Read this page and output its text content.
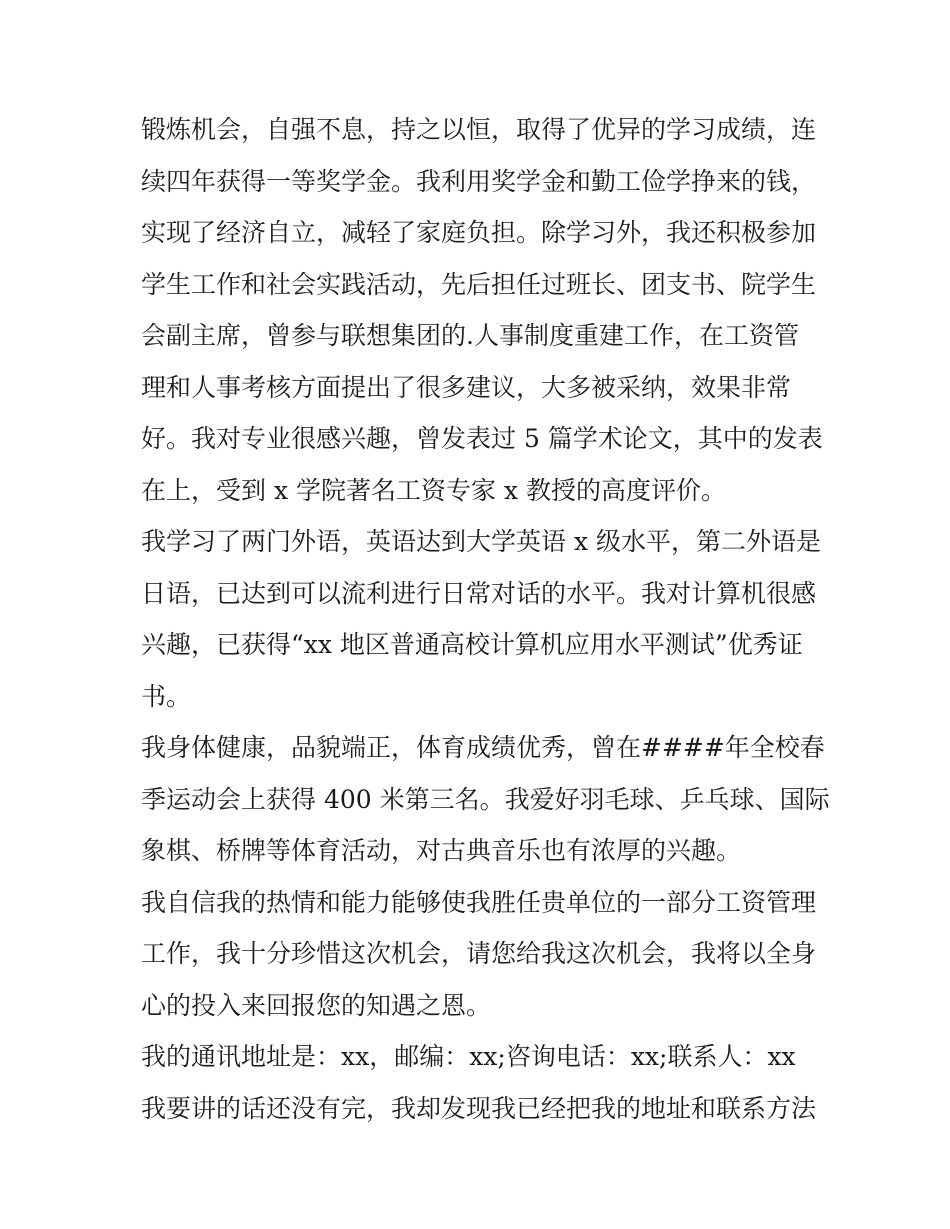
锻炼机会，自强不息，持之以恒，取得了优异的学习成绩，连
续四年获得一等奖学金。我利用奖学金和勤工俭学挣来的钱，
实现了经济自立，减轻了家庭负担。除学习外，我还积极参加
学生工作和社会实践活动，先后担任过班长、团支书、院学生
会副主席，曾参与联想集团的.人事制度重建工作，在工资管
理和人事考核方面提出了很多建议，大多被采纳，效果非常
好。我对专业很感兴趣，曾发表过 5 篇学术论文，其中的发表
在上，受到 x 学院著名工资专家 x 教授的高度评价。
我学习了两门外语，英语达到大学英语 x 级水平，第二外语是
日语，已达到可以流利进行日常对话的水平。我对计算机很感
兴趣，已获得“xx 地区普通高校计算机应用水平测试”优秀证
书。
我身体健康，品貌端正，体育成绩优秀，曾在####年全校春
季运动会上获得 400 米第三名。我爱好羽毛球、乒乓球、国际
象棋、桥牌等体育活动，对古典音乐也有浓厚的兴趣。
我自信我的热情和能力能够使我胜任贵单位的一部分工资管理
工作，我十分珍惜这次机会，请您给我这次机会，我将以全身
心的投入来回报您的知遇之恩。
我的通讯地址是：xx，邮编：xx;咨询电话：xx;联系人：xx
我要讲的话还没有完，我却发现我已经把我的地址和联系方法
